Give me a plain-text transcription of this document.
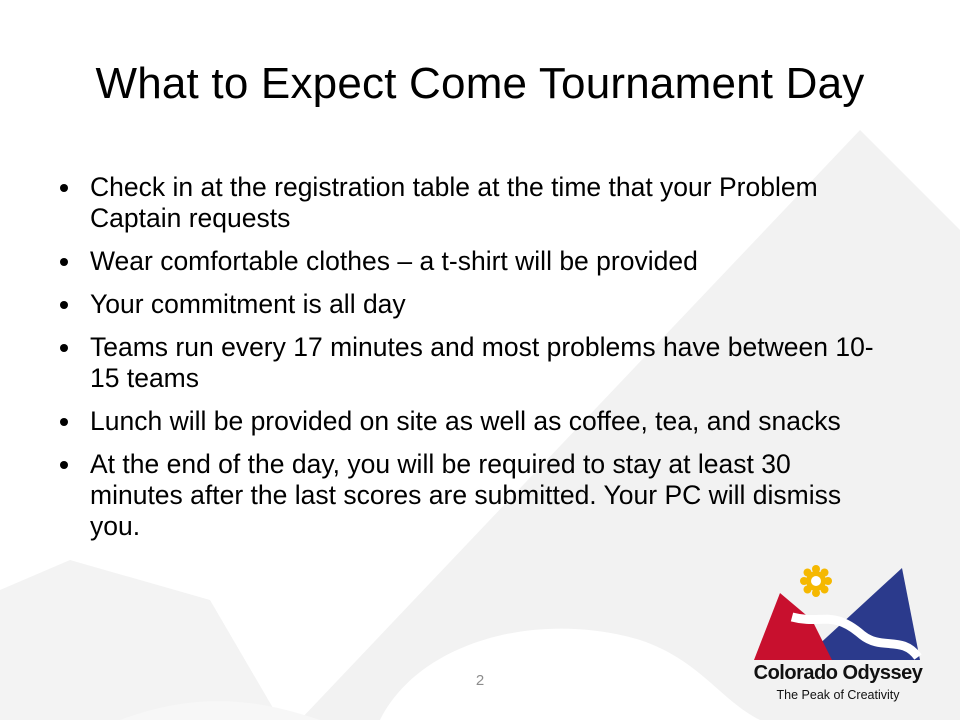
What to Expect Come Tournament Day
Check in at the registration table at the time that your Problem Captain requests
Wear comfortable clothes – a t-shirt will be provided
Your commitment is all day
Teams run every 17 minutes and most problems have between 10-15 teams
Lunch will be provided on site as well as coffee, tea, and snacks
At the end of the day, you will be required to stay at least 30 minutes after the last scores are submitted. Your PC will dismiss you.
2	Colorado Odyssey
The Peak of Creativity
